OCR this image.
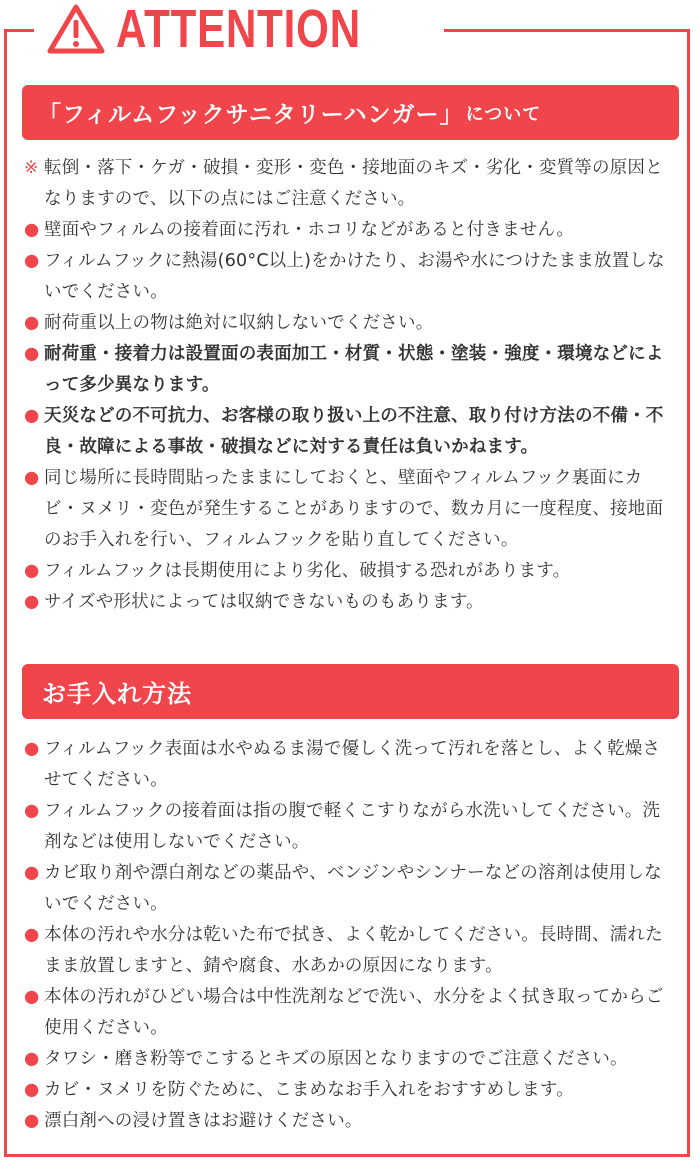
ATTENTION
「フィルムフックサニタリーハンガー」 について
※ 転倒・落下・ケガ・破損・変形・変色・接地面のキズ・劣化・変質等の原因となりますので、以下の点にはご注意ください。
● 壁面やフィルムの接着面に汚れ・ホコリなどがあると付きません。
● フィルムフックに熱湯(60°C以上)をかけたり、お湯や水につけたまま放置しないでください。
● 耐荷重以上の物は絶対に収納しないでください。
● 耐荷重・接着力は設置面の表面加工・材質・状態・塗装・強度・環境などによって多少異なります。
● 天災などの不可抗力、お客様の取り扱い上の不注意、取り付け方法の不備・不良・故障による事故・破損などに対する責任は負いかねます。
● 同じ場所に長時間貼ったままにしておくと、壁面やフィルムフック裏面にカビ・ヌメリ・変色が発生することがありますので、数カ月に一度程度、接地面のお手入れを行い、フィルムフックを貼り直してください。
● フィルムフックは長期使用により劣化、破損する恐れがあります。
● サイズや形状によっては収納できないものもあります。
お手入れ方法
● フィルムフック表面は水やぬるま湯で優しく洗って汚れを落とし、よく乾燥させてください。
● フィルムフックの接着面は指の腹で軽くこすりながら水洗いしてください。洗剤などは使用しないでください。
● カビ取り剤や漂白剤などの薬品や、ベンジンやシンナーなどの溶剤は使用しないでください。
● 本体の汚れや水分は乾いた布で拭き、よく乾かしてください。長時間、濡れたまま放置しますと、錆や腐食、水あかの原因になります。
● 本体の汚れがひどい場合は中性洗剤などで洗い、水分をよく拭き取ってからご使用ください。
● タワシ・磨き粉等でこするとキズの原因となりますのでご注意ください。
● カビ・ヌメリを防ぐために、こまめなお手入れをおすすめします。
● 漂白剤への浸け置きはお避けください。
